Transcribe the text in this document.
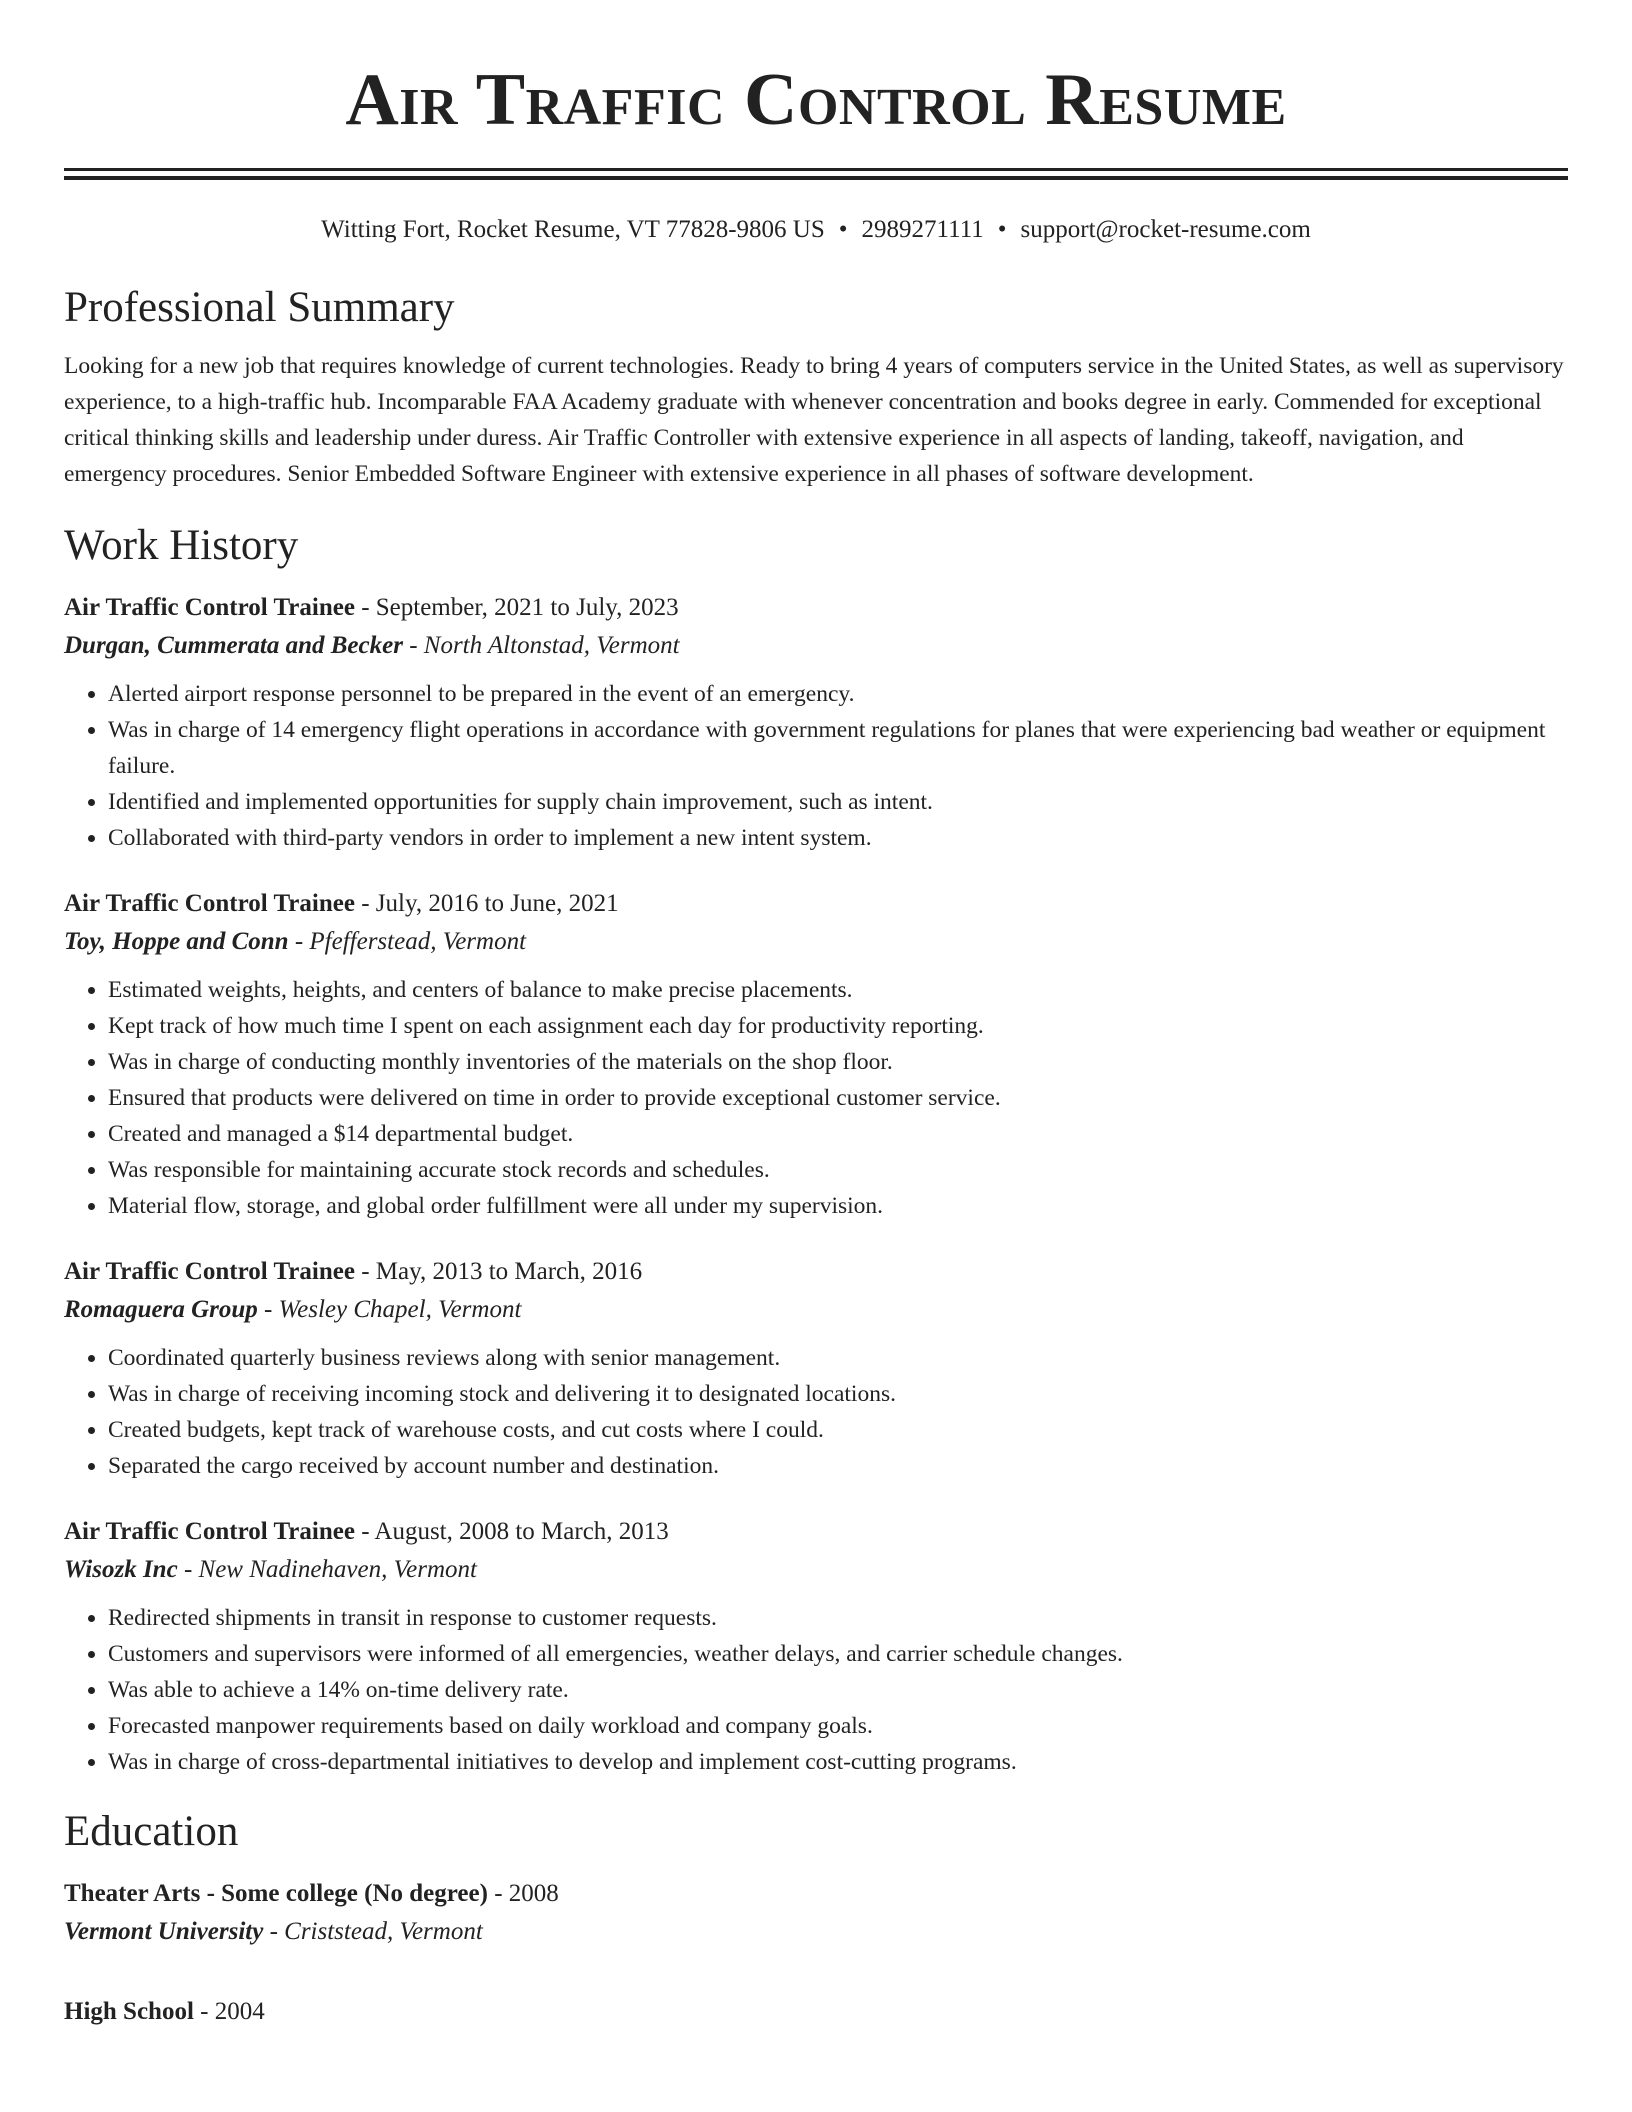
Air Traffic Control Resume
Witting Fort, Rocket Resume, VT 77828-9806 US • 2989271111 • support@rocket-resume.com
Professional Summary

Looking for a new job that requires knowledge of current technologies. Ready to bring 4 years of computers service in the United States, as well as supervisory experience, to a high-traffic hub. Incomparable FAA Academy graduate with whenever concentration and books degree in early. Commended for exceptional critical thinking skills and leadership under duress. Air Traffic Controller with extensive experience in all aspects of landing, takeoff, navigation, and emergency procedures. Senior Embedded Software Engineer with extensive experience in all phases of software development.

Work History
Air Traffic Control Trainee - September, 2021 to July, 2023
Durgan, Cummerata and Becker - North Altonstad, Vermont
• Alerted airport response personnel to be prepared in the event of an emergency.
• Was in charge of 14 emergency flight operations in accordance with government regulations for planes that were experiencing bad weather or equipment failure.
• Identified and implemented opportunities for supply chain improvement, such as intent.
• Collaborated with third-party vendors in order to implement a new intent system.
Air Traffic Control Trainee - July, 2016 to June, 2021
Toy, Hoppe and Conn - Pfefferstead, Vermont
• Estimated weights, heights, and centers of balance to make precise placements.
• Kept track of how much time I spent on each assignment each day for productivity reporting.
• Was in charge of conducting monthly inventories of the materials on the shop floor.
• Ensured that products were delivered on time in order to provide exceptional customer service.
• Created and managed a $14 departmental budget.
• Was responsible for maintaining accurate stock records and schedules.
• Material flow, storage, and global order fulfillment were all under my supervision.
Air Traffic Control Trainee - May, 2013 to March, 2016
Romaguera Group - Wesley Chapel, Vermont
• Coordinated quarterly business reviews along with senior management.
• Was in charge of receiving incoming stock and delivering it to designated locations.
• Created budgets, kept track of warehouse costs, and cut costs where I could.
• Separated the cargo received by account number and destination.
Air Traffic Control Trainee - August, 2008 to March, 2013
Wisozk Inc - New Nadinehaven, Vermont
• Redirected shipments in transit in response to customer requests.
• Customers and supervisors were informed of all emergencies, weather delays, and carrier schedule changes.
• Was able to achieve a 14% on-time delivery rate.
• Forecasted manpower requirements based on daily workload and company goals.
• Was in charge of cross-departmental initiatives to develop and implement cost-cutting programs.
Education
Theater Arts - Some college (No degree) - 2008
Vermont University - Criststead, Vermont
High School - 2004
